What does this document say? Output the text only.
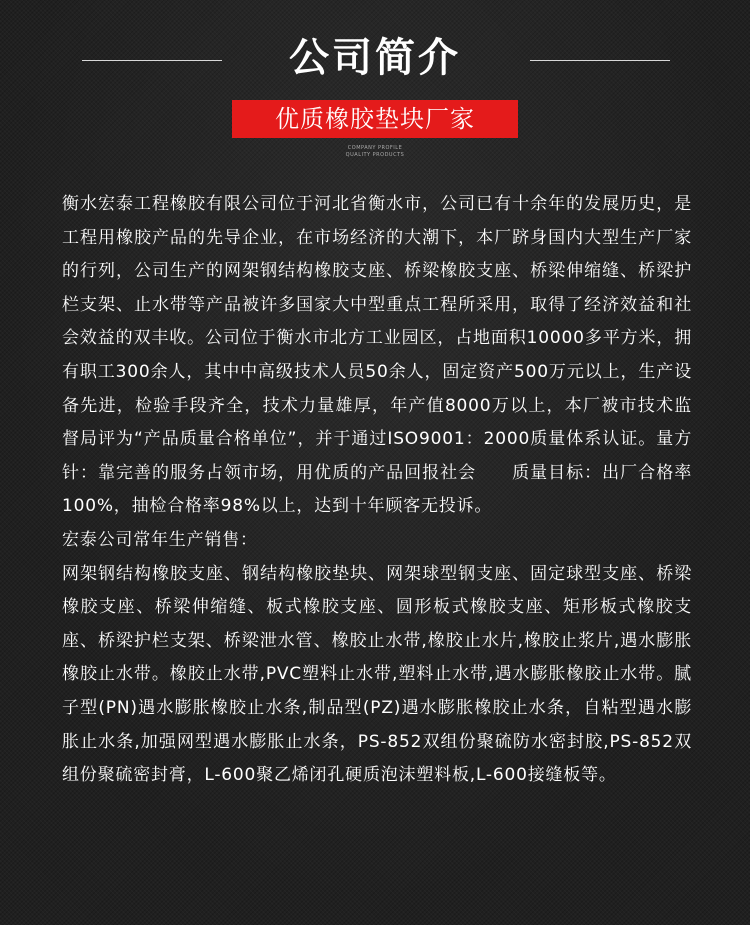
公司简介
优质橡胶垫块厂家
COMPANY PROFILE
QUALITY PRODUCTS

衡水宏泰工程橡胶有限公司位于河北省衡水市，公司已有十余年的发展历史，是工程用橡胶产品的先导企业，在市场经济的大潮下，本厂跻身国内大型生产厂家的行列，公司生产的网架钢结构橡胶支座、桥梁橡胶支座、桥梁伸缩缝、桥梁护栏支架、止水带等产品被许多国家大中型重点工程所采用，取得了经济效益和社会效益的双丰收。公司位于衡水市北方工业园区，占地面积10000多平方米，拥有职工300余人，其中中高级技术人员50余人，固定资产500万元以上，生产设备先进，检验手段齐全，技术力量雄厚，年产值8000万以上，本厂被市技术监督局评为“产品质量合格单位”，并于通过ISO9001：2000质量体系认证。量方针：靠完善的服务占领市场，用优质的产品回报社会　　质量目标：出厂合格率100%，抽检合格率98%以上，达到十年顾客无投诉。

宏泰公司常年生产销售：

网架钢结构橡胶支座、钢结构橡胶垫块、网架球型钢支座、固定球型支座、桥梁橡胶支座、桥梁伸缩缝、板式橡胶支座、圆形板式橡胶支座、矩形板式橡胶支座、桥梁护栏支架、桥梁泄水管、橡胶止水带,橡胶止水片,橡胶止浆片,遇水膨胀橡胶止水带。橡胶止水带,PVC塑料止水带,塑料止水带,遇水膨胀橡胶止水带。腻子型(PN)遇水膨胀橡胶止水条,制品型(PZ)遇水膨胀橡胶止水条，自粘型遇水膨胀止水条,加强网型遇水膨胀止水条，PS-852双组份聚硫防水密封胶,PS-852双组份聚硫密封膏，L-600聚乙烯闭孔硬质泡沫塑料板,L-600接缝板等。
